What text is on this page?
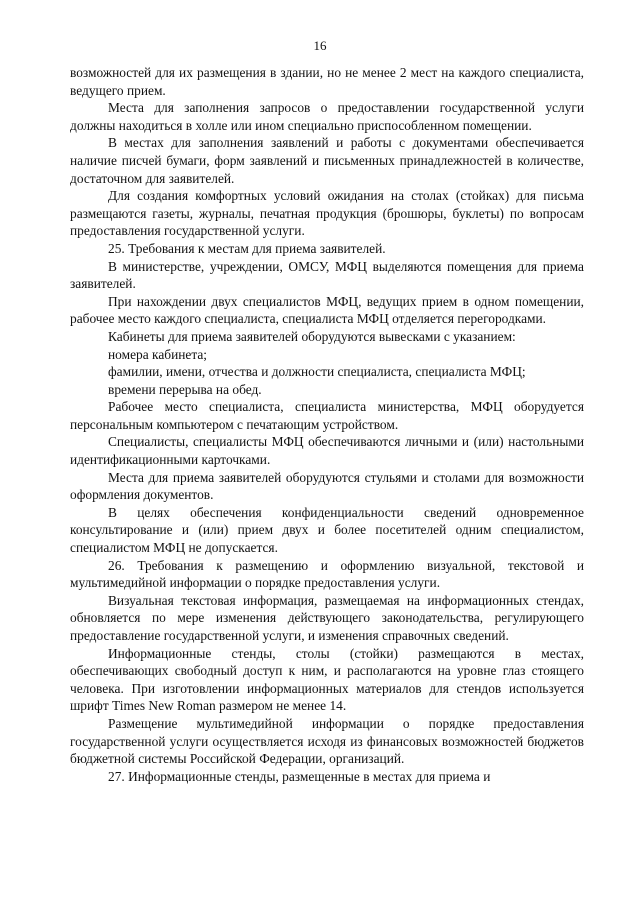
16

возможностей для их размещения в здании, но не менее 2 мест на каждого специалиста, ведущего прием.

Места для заполнения запросов о предоставлении государственной услуги должны находиться в холле или ином специально приспособленном помещении.

В местах для заполнения заявлений и работы с документами обеспечивается наличие писчей бумаги, форм заявлений и письменных принадлежностей в количестве, достаточном для заявителей.

Для создания комфортных условий ожидания на столах (стойках) для письма размещаются газеты, журналы, печатная продукция (брошюры, буклеты) по вопросам предоставления государственной услуги.

25. Требования к местам для приема заявителей.

В министерстве, учреждении, ОМСУ, МФЦ выделяются помещения для приема заявителей.

При нахождении двух специалистов МФЦ, ведущих прием в одном помещении, рабочее место каждого специалиста, специалиста МФЦ отделяется перегородками.

Кабинеты для приема заявителей оборудуются вывесками с указанием:

номера кабинета;

фамилии, имени, отчества и должности специалиста, специалиста МФЦ;

времени перерыва на обед.

Рабочее место специалиста, специалиста министерства, МФЦ оборудуется персональным компьютером с печатающим устройством.

Специалисты, специалисты МФЦ обеспечиваются личными и (или) настольными идентификационными карточками.

Места для приема заявителей оборудуются стульями и столами для возможности оформления документов.

В целях обеспечения конфиденциальности сведений одновременное консультирование и (или) прием двух и более посетителей одним специалистом, специалистом МФЦ не допускается.

26. Требования к размещению и оформлению визуальной, текстовой и мультимедийной информации о порядке предоставления услуги.

Визуальная текстовая информация, размещаемая на информационных стендах, обновляется по мере изменения действующего законодательства, регулирующего предоставление государственной услуги, и изменения справочных сведений.

Информационные стенды, столы (стойки) размещаются в местах, обеспечивающих свободный доступ к ним, и располагаются на уровне глаз стоящего человека. При изготовлении информационных материалов для стендов используется шрифт Times New Roman размером не менее 14.

Размещение мультимедийной информации о порядке предоставления государственной услуги осуществляется исходя из финансовых возможностей бюджетов бюджетной системы Российской Федерации, организаций.

27. Информационные стенды, размещенные в местах для приема и
